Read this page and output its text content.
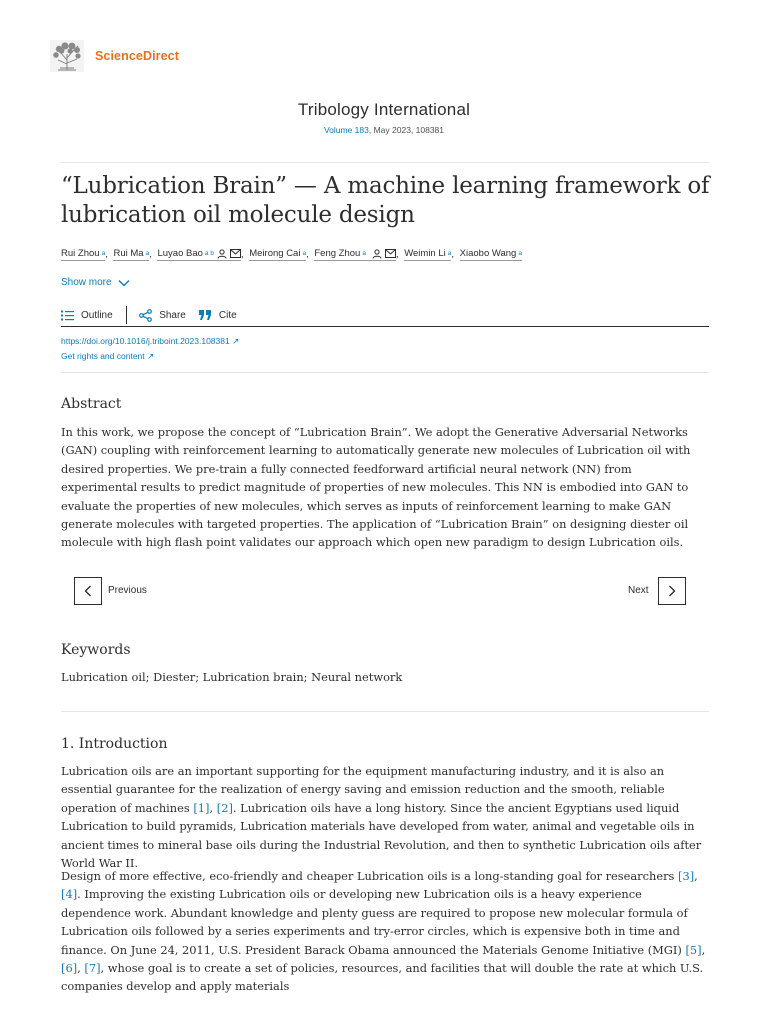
ScienceDirect
Tribology International
Volume 183, May 2023, 108381
“Lubrication Brain” — A machine learning framework of lubrication oil molecule design
Rui Zhou a , Rui Ma a , Luyao Bao a b	, Meirong Cai a , Feng Zhou a	, Weimin Li a , Xiaobo Wang a
Show more
Outline	Share	Cite
https://doi.org/10.1016/j.triboint.2023.108381 ↗
Get rights and content ↗
Abstract
In this work, we propose the concept of “Lubrication Brain”. We adopt the Generative Adversarial Networks (GAN) coupling with reinforcement learning to automatically generate new molecules of Lubrication oil with desired properties. We pre-train a fully connected feedforward artificial neural network (NN) from experimental results to predict magnitude of properties of new molecules. This NN is embodied into GAN to evaluate the properties of new molecules, which serves as inputs of reinforcement learning to make GAN generate molecules with targeted properties. The application of “Lubrication Brain” on designing diester oil molecule with high flash point validates our approach which open new paradigm to design Lubrication oils.
Previous	Next
Keywords
Lubrication oil; Diester; Lubrication brain; Neural network
1. Introduction
Lubrication oils are an important supporting for the equipment manufacturing industry, and it is also an essential guarantee for the realization of energy saving and emission reduction and the smooth, reliable operation of machines [1], [2]. Lubrication oils have a long history. Since the ancient Egyptians used liquid Lubrication to build pyramids, Lubrication materials have developed from water, animal and vegetable oils in ancient times to mineral base oils during the Industrial Revolution, and then to synthetic Lubrication oils after World War II.
Design of more effective, eco-friendly and cheaper Lubrication oils is a long-standing goal for researchers [3], [4]. Improving the existing Lubrication oils or developing new Lubrication oils is a heavy experience dependence work. Abundant knowledge and plenty guess are required to propose new molecular formula of Lubrication oils followed by a series experiments and try-error circles, which is expensive both in time and finance. On June 24, 2011, U.S. President Barack Obama announced the Materials Genome Initiative (MGI) [5], [6], [7], whose goal is to create a set of policies, resources, and facilities that will double the rate at which U.S. companies develop and apply materials
